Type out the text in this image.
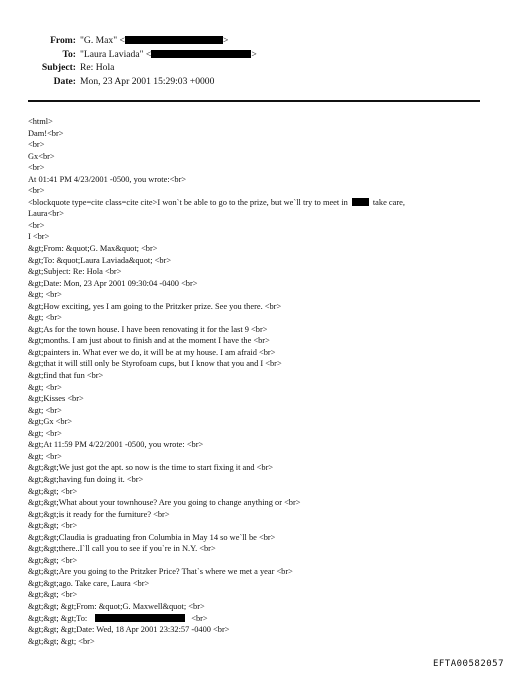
From: "G. Max" <	>
To: "Laura Laviada" <	>
Subject: Re: Hola
Date: Mon, 23 Apr 2001 15:29:03 +0000
<html>
Dam!<br>
<br>
Gx<br>
<br>
At 01:41 PM 4/23/2001 -0500, you wrote:<br>
<br>
<blockquote type=cite class=cite cite>I won`t be able to go to the prize, but we`ll try to meet in	take care,
Laura<br>
<br>
I <br>
&gt;From: &quot;G. Max&quot; <br>
&gt;To: &quot;Laura Laviada&quot; <br>
&gt;Subject: Re: Hola <br>
&gt;Date: Mon, 23 Apr 2001 09:30:04 -0400 <br>
&gt; <br>
&gt;How exciting, yes I am going to the Pritzker prize. See you there. <br>
&gt; <br>
&gt;As for the town house. I have been renovating it for the last 9 <br>
&gt;months. I am just about to finish and at the moment I have the <br>
&gt;painters in. What ever we do, it will be at my house. I am afraid <br>
&gt;that it will still only be Styrofoam cups, but I know that you and I <br>
&gt;find that fun <br>
&gt; <br>
&gt;Kisses <br>
&gt; <br>
&gt;Gx <br>
&gt; <br>
&gt;At 11:59 PM 4/22/2001 -0500, you wrote: <br>
&gt; <br>
&gt;&gt;We just got the apt. so now is the time to start fixing it and <br>
&gt;&gt;having fun doing it. <br>
&gt;&gt; <br>
&gt;&gt;What about your townhouse? Are you going to change anything or <br>
&gt;&gt;is it ready for the furniture? <br>
&gt;&gt; <br>
&gt;&gt;Claudia is graduating fron Columbia in May 14 so we`ll be <br>
&gt;&gt;there..I`ll call you to see if you`re in N.Y. <br>
&gt;&gt; <br>
&gt;&gt;Are you going to the Pritzker Price? That`s where we met a year <br>
&gt;&gt;ago. Take care, Laura <br>
&gt;&gt; <br>
&gt;&gt; &gt;From: &quot;G. Maxwell&quot; <br>
&gt;&gt; &gt;To:	<br>
&gt;&gt; &gt;Date: Wed, 18 Apr 2001 23:32:57 -0400 <br>
&gt;&gt; &gt; <br>
EFTA00582057
